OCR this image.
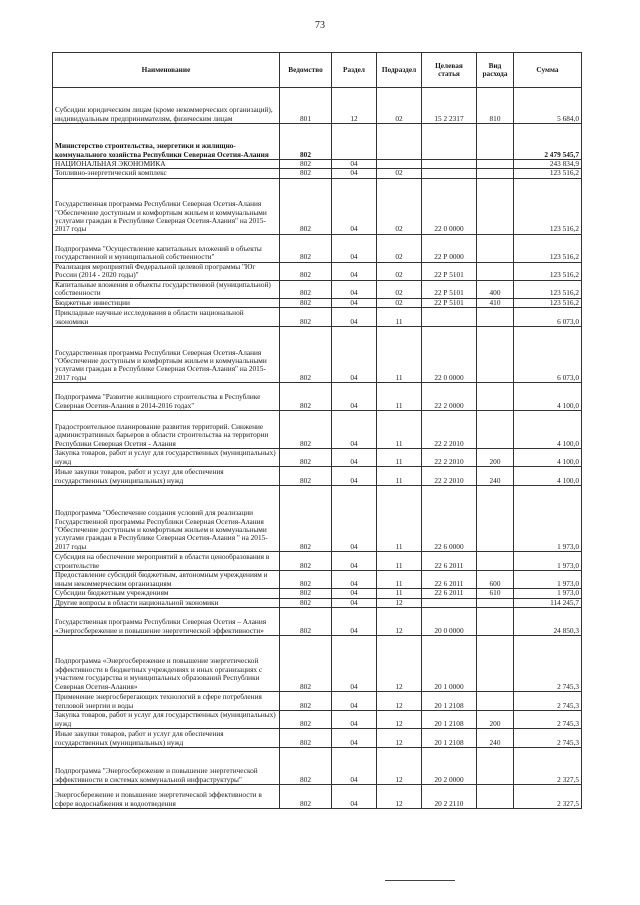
73
Наименование	Ведомство	Раздел	Подраздел	Целевая статья	Вид расхода	Сумма
Субсидии юридическим лицам (кроме некоммерческих организаций), индивидуальным предпринимателям, физическим лицам	801	12	02	15 2 2317	810	5 684,0
Министерство строительства, энергетики и жилищно-коммунального хозяйства Республики Северная Осетия-Алания	802					2 479 545,7
НАЦИОНАЛЬНАЯ ЭКОНОМИКА	802	04				243 834,9
Топливно-энергетический комплекс	802	04	02			123 516,2
Государственная программа Республики Северная Осетия-Алания "Обеспечение доступным и комфортным жильем и коммунальными услугами граждан в Республике Северная Осетия-Алания" на 2015-2017 годы	802	04	02	22 0 0000		123 516,2
Подпрограмма "Осуществление капитальных вложений в объекты государственной и муниципальной собственности"	802	04	02	22 Р 0000		123 516,2
Реализация мероприятий Федеральной целевой программы "Юг России (2014 - 2020 годы)"	802	04	02	22 Р 5101		123 516,2
Капитальные вложения в объекты государственной (муниципальной) собственности	802	04	02	22 Р 5101	400	123 516,2
Бюджетные инвестиции	802	04	02	22 Р 5101	410	123 516,2
Прикладные научные исследования в области национальной экономики	802	04	11			6 073,0
Государственная программа Республики Северная Осетия-Алания "Обеспечение доступным и комфортным жильем и коммунальными услугами граждан в Республике Северная Осетия-Алания" на 2015-2017 годы	802	04	11	22 0 0000		6 073,0
Подпрограмма "Развитие жилищного строительства в Республике Северная Осетия-Алания в 2014-2016 годах"	802	04	11	22 2 0000		4 100,0
Градостроительное планирование развития территорий. Снижение административных барьеров в области строительства на территории Республики Северная Осетия - Алания	802	04	11	22 2 2010		4 100,0
Закупка товаров, работ и услуг для государственных (муниципальных) нужд	802	04	11	22 2 2010	200	4 100,0
Иные закупки товаров, работ и услуг для обеспечения государственных (муниципальных) нужд	802	04	11	22 2 2010	240	4 100,0
Подпрограмма "Обеспечение создания условий для реализации Государственной программы Республики Северная Осетия-Алания "Обеспечение доступным и комфортным жильем и коммунальными услугами граждан в Республике Северная Осетия-Алания " на 2015-2017 годы	802	04	11	22 6 0000		1 973,0
Субсидия на обеспечение мероприятий в области ценообразования в строительстве	802	04	11	22 6 2011		1 973,0
Предоставление субсидий бюджетным, автономным учреждениям и иным некоммерческим организациям	802	04	11	22 6 2011	600	1 973,0
Субсидии бюджетным учреждениям	802	04	11	22 6 2011	610	1 973,0
Другие вопросы в области национальной экономики	802	04	12			114 245,7
Государственная программа Республики Северная Осетия – Алания «Энергосбережение и повышение энергетической эффективности»	802	04	12	20 0 0000		24 850,3
Подпрограмма «Энергосбережение и повышение энергетической эффективности в бюджетных учреждениях и иных организациях с участием государства и муниципальных образований Республики Северная Осетия-Алания»	802	04	12	20 1 0000		2 745,3
Применение энергосберегающих технологий в сфере потребления тепловой энергии и воды	802	04	12	20 1 2108		2 745,3
Закупка товаров, работ и услуг для государственных (муниципальных) нужд	802	04	12	20 1 2108	200	2 745,3
Иные закупки товаров, работ и услуг для обеспечения государственных (муниципальных) нужд	802	04	12	20 1 2108	240	2 745,3
Подпрограмма "Энергосбережение и повышение энергетической эффективности в системах коммунальной инфраструктуры"	802	04	12	20 2 0000		2 327,5
Энергосбережение и повышение энергетической эффективности в сфере водоснабжения и водоотведения	802	04	12	20 2 2110		2 327,5
